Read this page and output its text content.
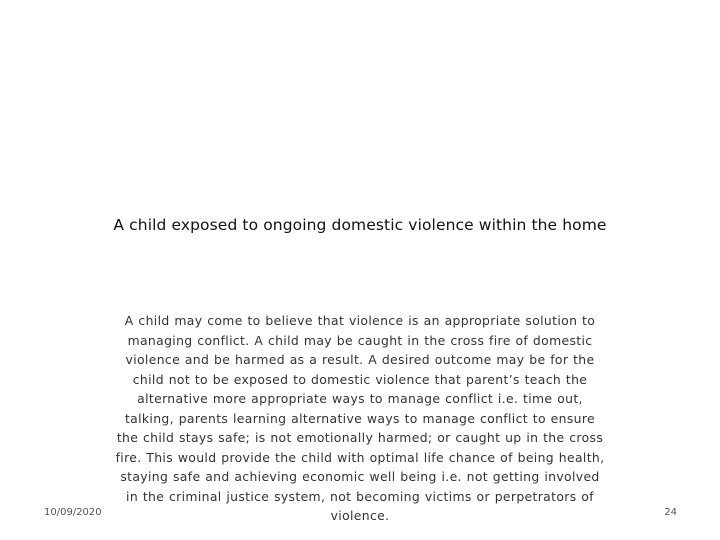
A child exposed to ongoing domestic violence within the home
A child may come to believe that violence is an appropriate solution to managing conflict. A child may be caught in the cross fire of domestic violence and be harmed as a result. A desired outcome may be for the child not to be exposed to domestic violence that parent’s teach the alternative more appropriate ways to manage conflict i.e. time out, talking, parents learning alternative ways to manage conflict to ensure the child stays safe; is not emotionally harmed; or caught up in the cross fire. This would provide the child with optimal life chance of being health, staying safe and achieving economic well being i.e. not getting involved in the criminal justice system, not becoming victims or perpetrators of violence.
10/09/2020	24
